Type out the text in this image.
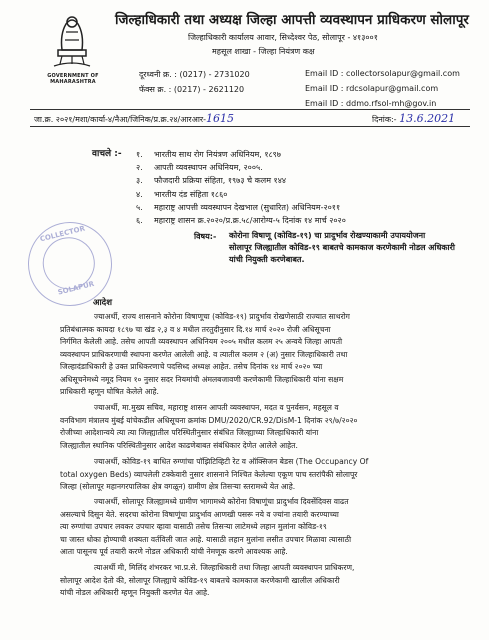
GOVERNMENT OF
MAHARASHTRA
जिल्हाधिकारी तथा अध्यक्ष जिल्हा आपत्ती व्यवस्थापन प्राधिकरण सोलापूर
जिल्हाधिकारी कार्यालय आवार, सिध्देश्वर पेठ, सोलापूर - ४१३००१
महसूल शाखा - जिल्हा नियंत्रण कक्ष
दूरध्वनी क्र. : (0217) - 2731020
फॅक्स क्र. : (0217) - 2621120
Email ID : collectorsolapur@gmail.com
Email ID : rdcsolapur@gmail.com
Email ID : ddmo.rfsol-mh@gov.in
जा.क्र. २०२१/मशा/कार्या-४/नैआ/जिनिक/प्र.क्र.२४/आरआर-1615	दिनांक:- 13.6.2021
वाचले :- १.	भारतीय साथ रोग नियंत्रण अधिनियम, १८९७
२.	आपती व्यवस्थापन अधिनियम, २००५.
३.	फौजदारी प्रक्रिया संहिता, १९७३ चे कलम १४४
४.	भारतीय दंड संहिता १८६०
५.	महाराष्ट्र आपत्ती व्यवस्थापन देखभाल (सुधारित) अधिनियम-२०११
६.	महाराष्ट्र शासन क्र.२०२०/प्र.क्र.५८/आरोग्य-५ दिनांक १४ मार्च २०२०
COLLECTOR
SOLAPUR
विषय:- कोरोना विषाणू (कोविड-१९) चा प्रादुर्भाव रोखण्याकामी उपाययोजना
सोलापूर जिल्ह्यातील कोविड-१९ बाबतचे कामकाज करणेकामी नोडल अधिकारी
यांची नियुक्ती करणेबाबत.
आदेश
ज्याअर्थी, राज्य शासनाने कोरोना विषाणूचा (कोविड-१९) प्रादुर्भाव रोखणेसाठी राज्यात साथरोग
प्रतिबंधात्मक कायदा १८९७ चा खंड २,३ व ४ मधील तरतुदीनुसार दि.१४ मार्च २०२० रोजी अधिसूचना
निर्गमित केलेली आहे. तसेच आपती व्यवस्थापन अधिनियम २००५ मधील कलम २५ अन्वये जिल्हा आपती
व्यवस्थापन प्राधिकरणाची स्थापना करणेत आलेली आहे. व त्यातील कलम २ (अ) नुसार जिल्हाधिकारी तथा
जिल्हादंडाधिकारी हे उक्त प्राधिकरणाचे पदसिध्द अध्यक्ष आहेत. तसेच दिनांक १४ मार्च २०२० च्या
अधिसूचनेमध्ये नमूद नियम १० नुसार सदर नियमांची अंमलबजावणी करणेकामी जिल्हाधिकारी यांना सक्षम
प्राधिकारी म्हणून घोषित केलेले आहे.
ज्याअर्थी, मा.मुख्य सचिव, महाराष्ट्र शासन आपती व्यवस्थापन, मदत व पुनर्वसन, महसूल व
वनविभाग मंत्रालय मुंबई यांचेकडील अधिसूचना क्रमांक DMU/2020/CR.92/DisM-1 दिनांक २९/७/२०२०
रोजीच्या आदेशान्वये त्या त्या जिल्ह्यातील परिस्थितीनुसार संबंधित जिल्ह्याच्या जिल्हाधिकारी यांना
जिल्ह्यातील स्थानिक परिस्थितीनुसार आदेश काढणेबाबत संबंधिकार देणेत आलेले आहेत.
ज्याअर्थी, कोविड-१९ बाधित रुग्णांचा पॉझिटिव्हिटी रेट व ऑक्सिजन बेडस (The Occupancy Of
total oxygen Beds) व्यापलेली टक्केवारी नुसार शासनाने निश्चित केलेल्या एकूण पाच स्तरांपैकी सोलापूर
जिल्हा (सोलापूर महानगरपालिका क्षेत्र वगळून) ग्रामीण क्षेत्र तिसऱ्या स्तरामध्ये येत आहे.
ज्याअर्थी, सोलापूर जिल्ह्यामध्ये ग्रामीण भागामध्ये कोरोना विषाणूंचा प्रादुर्भाव दिवसेंदिवस वाढत
असल्याचे दिसून येते. सदरचा कोरोना विषाणूंचा प्रादुर्भाव आणखी पसरू नये व ज्यांना तयारी करण्याच्या
त्या रुग्णांचा उपचार लवकर उपचार व्हावा यासाठी तसेच तिसऱ्या लाटेमध्ये लहान मुलांना कोविड-१९
चा जास्त धोका होण्याची शक्यता वर्तविली जात आहे. यासाठी लहान मुलांना लसीत उपचार मिळावा त्यासाठी
आता पासूनच पूर्व तयारी करणे नोडल अधिकारी यांची नेमणूक करणे आवश्यक आहे.
त्याअर्थी मी, मिलिंद शंभरकर भा.प्र.से. जिल्हाधिकारी तथा जिल्हा आपती व्यवस्थापन प्राधिकरण,
सोलापूर आदेश देतो की, सोलापूर जिल्ह्याचे कोविड-१९ बाबतचे कामकाज करणेकामी खालील अधिकारी
यांची नोडल अधिकारी म्हणून नियुक्ती करणेत येत आहे.
